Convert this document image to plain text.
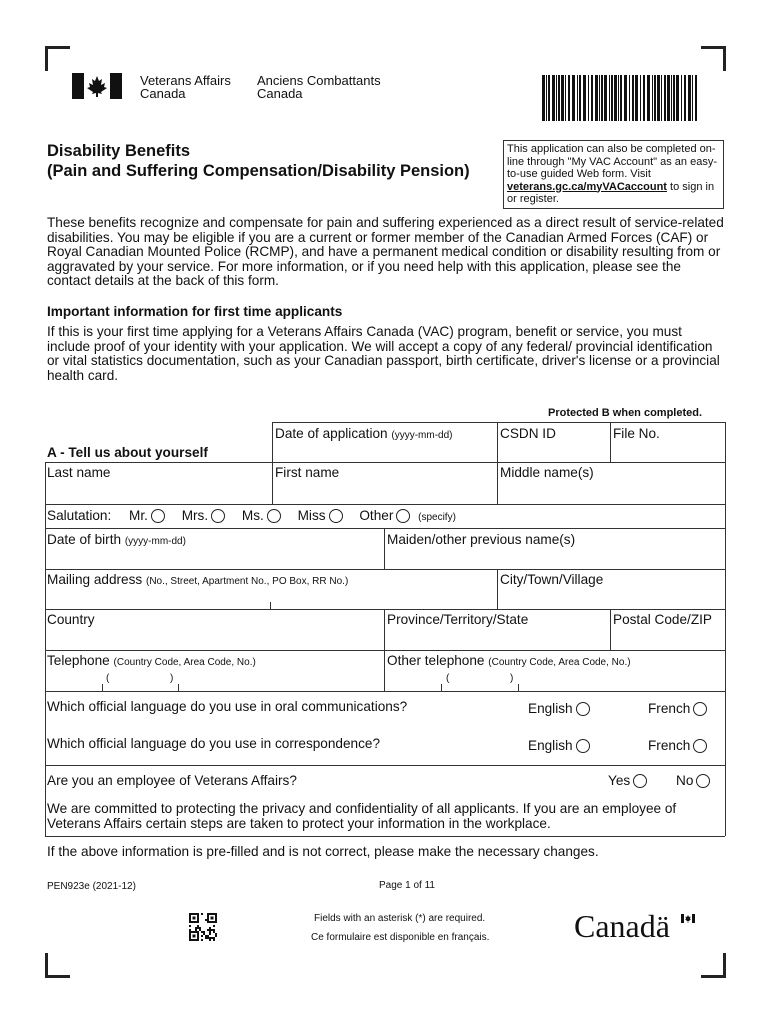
Veterans Affairs
Canada
Anciens Combattants
Canada
Disability Benefits
(Pain and Suffering Compensation/Disability Pension)
This application can also be completed on-line through "My VAC Account" as an easy-to-use guided Web form. Visit veterans.gc.ca/myVACaccount to sign in or register.
These benefits recognize and compensate for pain and suffering experienced as a direct result of service-related disabilities. You may be eligible if you are a current or former member of the Canadian Armed Forces (CAF) or Royal Canadian Mounted Police (RCMP), and have a permanent medical condition or disability resulting from or aggravated by your service. For more information, or if you need help with this application, please see the contact details at the back of this form.
Important information for first time applicants
If this is your first time applying for a Veterans Affairs Canada (VAC) program, benefit or service, you must include proof of your identity with your application. We will accept a copy of any federal/ provincial identification or vital statistics documentation, such as your Canadian passport, birth certificate, driver's license or a provincial health card.
Protected B when completed.
Date of application (yyyy-mm-dd)	CSDN ID	File No.
A - Tell us about yourself
Last name	First name	Middle name(s)
Salutation: Mr. Mrs. Ms. Miss Other (specify)
Date of birth (yyyy-mm-dd)	Maiden/other previous name(s)
Mailing address (No., Street, Apartment No., PO Box, RR No.)	City/Town/Village
Country	Province/Territory/State	Postal Code/ZIP
Telephone (Country Code, Area Code, No.)
(	)
Other telephone (Country Code, Area Code, No.)
(	)
Which official language do you use in oral communications?	English	French
Which official language do you use in correspondence?	English	French
Are you an employee of Veterans Affairs?	Yes	No
We are committed to protecting the privacy and confidentiality of all applicants. If you are an employee of Veterans Affairs certain steps are taken to protect your information in the workplace.
If the above information is pre-filled and is not correct, please make the necessary changes.
PEN923e (2021-12)	Page 1 of 11
Fields with an asterisk (*) are required.
Ce formulaire est disponible en français.	Canadä
